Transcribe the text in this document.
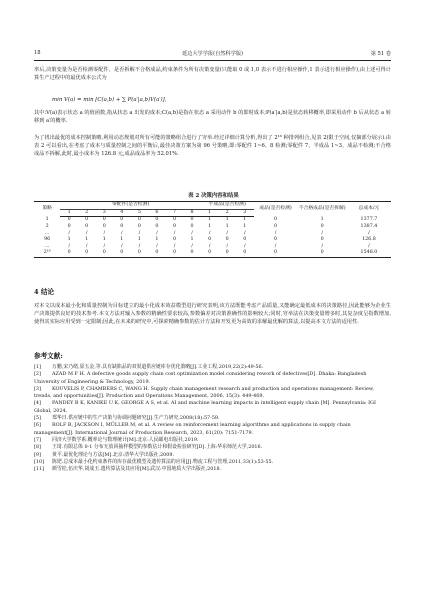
18	延边大学学报(自然科学版)	第 51 卷
率后,决策变量为是否检测零配件、是否拆解不合格成品,约束条件为所有决策变量(只能取 0 或 1,0 表示不进行相应操作,1 表示进行相应操作),由上述可得计算生产过程中的最优成本公式为
min V(a) = min [C(a,b) + ∑ P(a′|a,b)V(a′)],
其中:V(a)表示状态 a 的值函数,指从状态 a 出发的成本;C(a,b)是指在状态 a 采用动作 b 的即时成本;P(a′|a,b)是状态转移概率,即采用动作 b 后从状态 a 转移到 a′的概率.
为了找出最优的成本控制策略,利用动态规划对所有可能的策略组合进行了穷举.经过详细计算分析,得出了 2¹⁶ 种排列组合,见表 2(限于空间,仅摘部分展示).由表 2 可以看出,在考虑了成本与质量控制之间的平衡后,最佳决策方案为第 96 号策略,即:零配件 1~6、8 检测;零配件 7、半成品 1~3、成品不检测;不合格成品不拆解,此时,最小成本为 126.8 元,成品成品率为 52.01%.
表 2 决策内容和结果
策略	零配件(是否检测)								半成品(是否检测)			成品(是否检测)	不合格成品(是否拆解)	总成本/元
	1	2	3	4	5	6	7	8	1	2	3			
1	0	0	0	0	0	0	0	0	1	1	1	0	1	1377.7
2	0	0	0	0	0	0	0	0	1	1	1	0	0	1387.4
…	/	/	/	/	/	/	/	/	/	/	/	/	/	/
96	1	1	1	1	1	1	0	1	0	0	0	0	0	126.8
…	/	/	/	/	/	/	/	/	/	/	/	/	/	/
2¹⁶	0	0	0	0	0	0	0	0	0	0	0	0	0	1548.0
4 结论
对本文以成本最小化和质量控制为目标建立的最小化成本效益模型进行研究表明,该方法既能考虑产品质量,又能确定最低成本的决策路径,因此能够为企业生产决策提供良好的技术参考.本文方法对输入参数的精确性要求较高,参数偏差对决策准确性的影响较大;同时,穷举法在决策变量增多时,其复杂度呈指数增加,使得其实际应用受到一定限制;因此,在未来的研究中,可探索精确参数的估计方法和开发更为高效的求解最优解的算法,以提高本文方法的适用性.
参考文献:
[1] 万鹏,宋乃绪,原五金,等.具有缺陷品的双渠道供应链库存优化策略[J].工业工程,2019,22(2):49-56.
[2] AZAD M F H. A defective goods supply chain cost optimization model considering rework of defectives[D]. Dhaka: Bangladesh University of Engineering & Technology, 2019.
[3] KOUVELIS P, CHAMBERS C, WANG H. Supply chain management research and production and operations management: Review, trends, and opportunities[J]. Production and Operations Management, 2006, 15(3): 449-469.
[4] PANDEY B K, KANIKE U K, GEORGE A S, et al. AI and machine learning impacts in intelligent supply chain [M]. Pennsylvania: IGI Global, 2024.
[5] 郑华日.供应链中的生产决策与协调问题研究[J].生产力研究,2008(18):57-59.
[6] ROLF B, JACKSON I, MÜLLER M, et al. A review on reinforcement learning algorithms and applications in supply chain management[J]. International Journal of Production Research, 2023, 61(20): 7151-7179.
[7] 同济大学数学系.概率论与数理统计[M].北京:人民邮电出版社,2019.
[8] 王琦.有限总体 0-1 分布无放回抽样模型的参数估计和假设检验研究[D].上海:华东师范大学,2016.
[9] 黄平.最优化理论与方法[M].北京:清华大学出版社,2009.
[10] 陈钯.总成本最小化约束条件的库存最优模型及遗传算法的应用[J].物流工程与管理,2011,33(1):53-55.
[11] 颜雪松,伍庆华,胡成玉.遗传算法及其应用[M].武汉:中国地质大学出版社,2018.
